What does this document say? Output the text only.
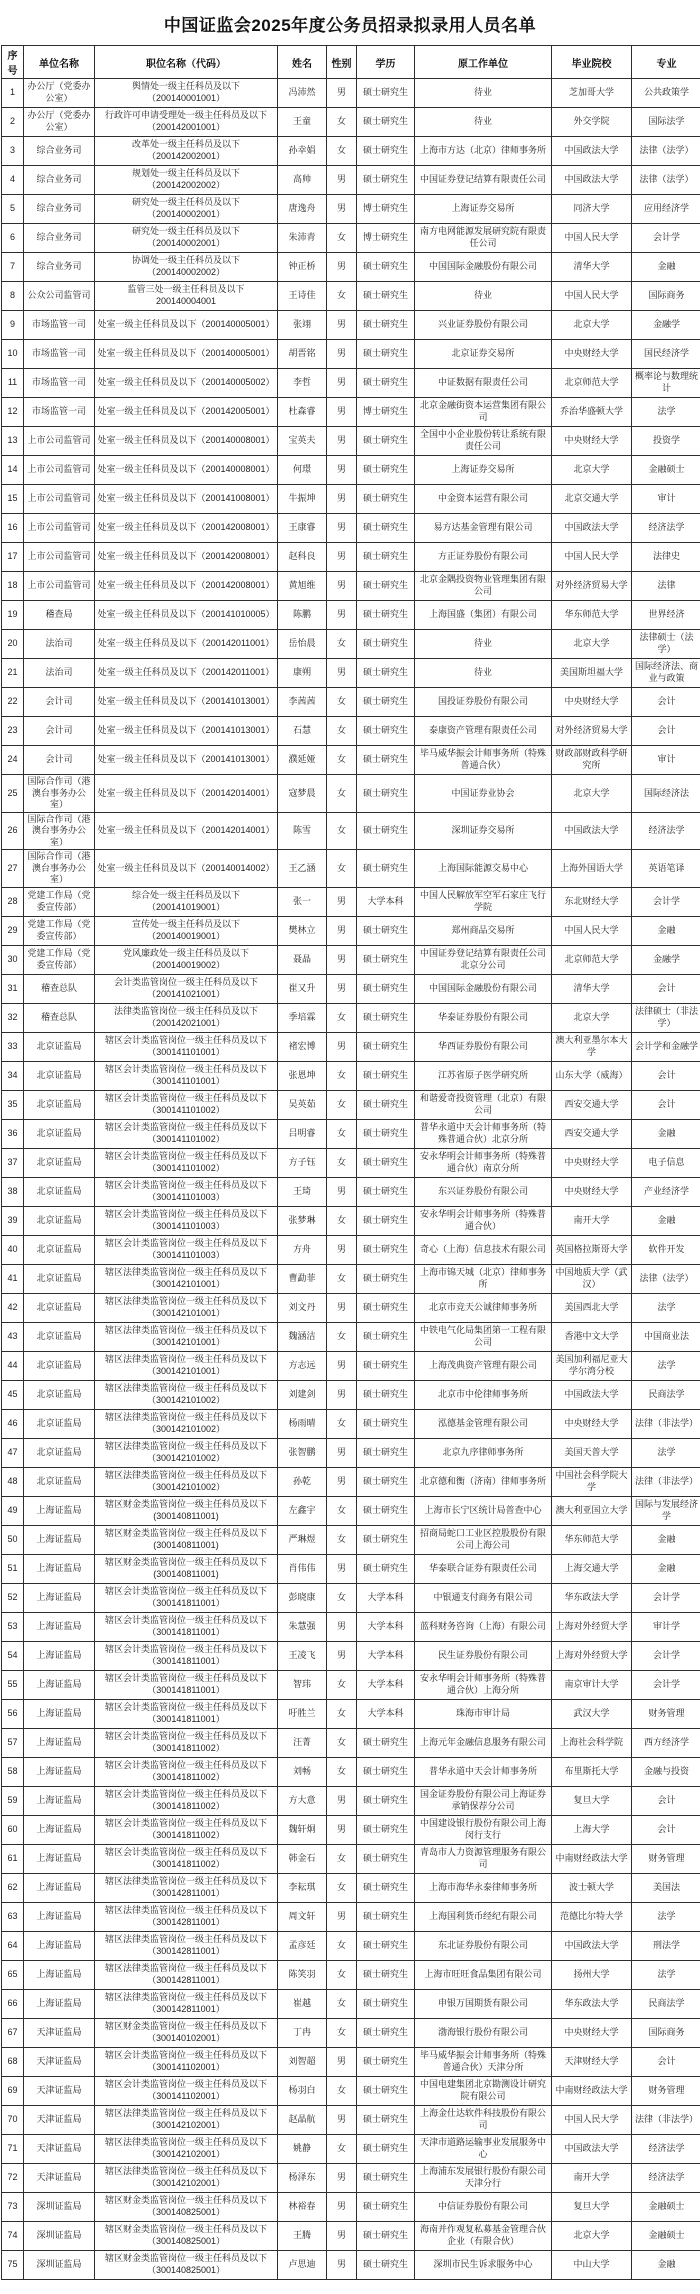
中国证监会2025年度公务员招录拟录用人员名单
序号	单位名称	职位名称（代码）	姓名	性别	学历	原工作单位	毕业院校	专业
1	办公厅（党委办公室）	舆情处一级主任科员及以下（200140001001）	冯沛然	男	硕士研究生	待业	芝加哥大学	公共政策学
2	办公厅（党委办公室）	行政许可申请受理处一级主任科员及以下（200142001001）	王童	女	硕士研究生	待业	外交学院	国际法学
3	综合业务司	改革处一级主任科员及以下（200142002001）	孙幸娟	女	硕士研究生	上海市方达（北京）律师事务所	中国政法大学	法律（法学）
4	综合业务司	规划处一级主任科员及以下（200142002002）	高帅	男	硕士研究生	中国证券登记结算有限责任公司	中国政法大学	法律（法学）
5	综合业务司	研究处一级主任科员及以下（200140002001）	唐逸舟	男	博士研究生	上海证券交易所	同济大学	应用经济学
6	综合业务司	研究处一级主任科员及以下（200140002001）	朱沛青	女	博士研究生	南方电网能源发展研究院有限责任公司	中国人民大学	会计学
7	综合业务司	协调处一级主任科员及以下（200140002002）	钟正桥	男	硕士研究生	中国国际金融股份有限公司	清华大学	金融
8	公众公司监管司	监管三处一级主任科员及以下 200140004001	王诗佳	女	硕士研究生	待业	中国人民大学	国际商务
9	市场监管一司	处室一级主任科员及以下（200140005001）	张翊	男	硕士研究生	兴业证券股份有限公司	北京大学	金融学
10	市场监管一司	处室一级主任科员及以下（200140005001）	胡晋铭	男	硕士研究生	北京证券交易所	中央财经大学	国民经济学
11	市场监管一司	处室一级主任科员及以下（200140005002）	李哲	男	硕士研究生	中证数据有限责任公司	北京师范大学	概率论与数理统计
12	市场监管一司	处室一级主任科员及以下（200142005001）	杜森睿	男	博士研究生	北京金融街资本运营集团有限公司	乔治华盛顿大学	法学
13	上市公司监管司	处室一级主任科员及以下（200140008001）	宝英夫	男	硕士研究生	全国中小企业股份转让系统有限责任公司	中央财经大学	投资学
14	上市公司监管司	处室一级主任科员及以下（200140008001）	何璟	男	硕士研究生	上海证券交易所	北京大学	金融硕士
15	上市公司监管司	处室一级主任科员及以下（200141008001）	牛振坤	男	硕士研究生	中金资本运营有限公司	北京交通大学	审计
16	上市公司监管司	处室一级主任科员及以下（200142008001）	王康睿	男	硕士研究生	易方达基金管理有限公司	中国政法大学	经济法学
17	上市公司监管司	处室一级主任科员及以下（200142008001）	赵科良	男	硕士研究生	方正证券股份有限公司	中国人民大学	法律史
18	上市公司监管司	处室一级主任科员及以下（200142008001）	黄旭维	男	硕士研究生	北京金隅投资物业管理集团有限公司	对外经济贸易大学	法律
19	稽查局	处室一级主任科员及以下（200141010005）	陈鹏	男	硕士研究生	上海国盛（集团）有限公司	华东师范大学	世界经济
20	法治司	处室一级主任科员及以下（200142011001）	岳怡晨	女	硕士研究生	待业	北京大学	法律硕士（法学）
21	法治司	处室一级主任科员及以下（200142011001）	康朔	男	硕士研究生	待业	美国斯坦福大学	国际经济法、商业与政策
22	会计司	处室一级主任科员及以下（200141013001）	李茜茜	女	硕士研究生	国投证券股份有限公司	中央财经大学	会计
23	会计司	处室一级主任科员及以下（200141013001）	石慧	女	硕士研究生	泰康资产管理有限责任公司	对外经济贸易大学	会计
24	会计司	处室一级主任科员及以下（200141013001）	濮延娅	女	硕士研究生	毕马威华振会计师事务所（特殊普通合伙）	财政部财政科学研究所	审计
25	国际合作司（港澳台事务办公室）	处室一级主任科员及以下（200142014001）	寇梦晨	女	硕士研究生	中国证券业协会	北京大学	国际经济法
26	国际合作司（港澳台事务办公室）	处室一级主任科员及以下（200142014001）	陈雪	女	硕士研究生	深圳证券交易所	中国政法大学	经济法学
27	国际合作司（港澳台事务办公室）	处室一级主任科员及以下（200140014002）	王乙涵	女	硕士研究生	上海国际能源交易中心	上海外国语大学	英语笔译
28	党建工作局（党委宣传部）	综合处一级主任科员及以下（200141019001）	张一	男	大学本科	中国人民解放军空军石家庄飞行学院	东北财经大学	会计学
29	党建工作局（党委宣传部）	宣传处一级主任科员及以下（200140019001）	樊林立	男	硕士研究生	郑州商品交易所	中国人民大学	金融
30	党建工作局（党委宣传部）	党风廉政处一级主任科员及以下（200140019002）	聂晶	男	硕士研究生	中国证券登记结算有限责任公司北京分公司	北京师范大学	金融学
31	稽查总队	会计类监管岗位一级主任科员及以下（200141021001）	崔又升	男	硕士研究生	中国国际金融股份有限公司	清华大学	会计
32	稽查总队	法律类监管岗位一级主任科员及以下（200142021001）	季培霖	女	硕士研究生	华泰证券股份有限公司	北京大学	法律硕士（非法学）
33	北京证监局	辖区会计类监管岗位一级主任科员及以下（300141101001）	褚宏博	男	硕士研究生	华西证券股份有限公司	澳大利亚墨尔本大学	会计学和金融学
34	北京证监局	辖区会计类监管岗位一级主任科员及以下（300141101001）	张恩坤	女	硕士研究生	江苏省原子医学研究所	山东大学（威海）	会计
35	北京证监局	辖区会计类监管岗位一级主任科员及以下（300141101002）	吴英茹	女	硕士研究生	和谐爱奇投资管理（北京）有限公司	西安交通大学	会计
36	北京证监局	辖区会计类监管岗位一级主任科员及以下（300141101002）	吕明睿	女	硕士研究生	普华永道中天会计师事务所（特殊普通合伙）北京分所	西安交通大学	金融
37	北京证监局	辖区会计类监管岗位一级主任科员及以下（300141101002）	方子钰	女	硕士研究生	安永华明会计师事务所（特殊普通合伙）南京分所	中央财经大学	电子信息
38	北京证监局	辖区会计类监管岗位一级主任科员及以下（300141101003）	王琦	男	硕士研究生	东兴证券股份有限公司	中央财经大学	产业经济学
39	北京证监局	辖区会计类监管岗位一级主任科员及以下（300141101003）	张梦琳	女	硕士研究生	安永华明会计师事务所（特殊普通合伙）	南开大学	金融
40	北京证监局	辖区会计类监管岗位一级主任科员及以下（300141101003）	方舟	男	硕士研究生	奇心（上海）信息技术有限公司	英国格拉斯哥大学	软件开发
41	北京证监局	辖区法律类监管岗位一级主任科员及以下（300142101001）	曹勐菲	女	硕士研究生	上海市锦天城（北京）律师事务所	中国地质大学（武汉）	法律（法学）
42	北京证监局	辖区法律类监管岗位一级主任科员及以下（300142101001）	刘文丹	男	硕士研究生	北京市竞天公诚律师事务所	美国西北大学	法学
43	北京证监局	辖区法律类监管岗位一级主任科员及以下（300142101001）	魏涵洁	女	硕士研究生	中铁电气化局集团第一工程有限公司	香港中文大学	中国商业法
44	北京证监局	辖区法律类监管岗位一级主任科员及以下（300142101001）	方志远	男	硕士研究生	上海茂典资产管理有限公司	美国加利福尼亚大学尔湾分校	法学
45	北京证监局	辖区法律类监管岗位一级主任科员及以下（300142101002）	刘建剑	男	硕士研究生	北京市中伦律师事务所	中国政法大学	民商法学
46	北京证监局	辖区法律类监管岗位一级主任科员及以下（300142101002）	杨雨晴	女	硕士研究生	泓德基金管理有限公司	中央财经大学	法律（非法学）
47	北京证监局	辖区法律类监管岗位一级主任科员及以下（300142101002）	张智鹏	男	硕士研究生	北京九序律师事务所	美国天普大学	法学
48	北京证监局	辖区法律类监管岗位一级主任科员及以下（300142101002）	孙乾	男	硕士研究生	北京德和衡（济南）律师事务所	中国社会科学院大学	法律（非法学）
49	上海证监局	辖区财金类监管岗位一级主任科员及以下(300140811001)	左鑫宇	女	硕士研究生	上海市长宁区统计局普查中心	澳大利亚国立大学	国际与发展经济学
50	上海证监局	辖区财金类监管岗位一级主任科员及以下(300140811001)	严琳煜	女	硕士研究生	招商局蛇口工业区控股股份有限公司上海公司	华东师范大学	金融
51	上海证监局	辖区财金类监管岗位一级主任科员及以下(300140811001)	肖伟伟	男	硕士研究生	华泰联合证券有限责任公司	上海交通大学	金融
52	上海证监局	辖区会计类监管岗位一级主任科员及以下（300141811001）	彭晓康	女	大学本科	中银通支付商务有限公司	华东政法大学	会计学
53	上海证监局	辖区会计类监管岗位一级主任科员及以下（300141811001）	朱慧强	男	大学本科	蓝科财务咨询（上海）有限公司	上海对外经贸大学	审计学
54	上海证监局	辖区会计类监管岗位一级主任科员及以下（300141811001）	王凌飞	男	大学本科	民生证券股份有限公司	上海对外经贸大学	会计学
55	上海证监局	辖区会计类监管岗位一级主任科员及以下（300141811001）	智玮	女	大学本科	安永华明会计师事务所（特殊普通合伙）上海分所	南京审计大学	会计学
56	上海证监局	辖区会计类监管岗位一级主任科员及以下（300141811001）	吁胜兰	女	大学本科	珠海市审计局	武汉大学	财务管理
57	上海证监局	辖区会计类监管岗位一级主任科员及以下（300141811002）	汪菁	女	硕士研究生	上海元年金融信息服务有限公司	上海社会科学院	西方经济学
58	上海证监局	辖区会计类监管岗位一级主任科员及以下（300141811002）	刘畅	女	硕士研究生	普华永道中天会计师事务所	布里斯托大学	金融与投资
59	上海证监局	辖区会计类监管岗位一级主任科员及以下（300141811002）	方大意	男	硕士研究生	国金证券股份有限公司上海证券承销保荐分公司	复旦大学	会计
60	上海证监局	辖区会计类监管岗位一级主任科员及以下（300141811002）	魏轩炯	男	硕士研究生	中国建设银行股份有限公司上海闵行支行	上海大学	会计
61	上海证监局	辖区会计类监管岗位一级主任科员及以下（300141811002）	韩金石	女	硕士研究生	青岛市人力资源管理服务有限公司	中南财经政法大学	财务管理
62	上海证监局	辖区法律类监管岗位一级主任科员及以下（300142811001）	李耘琪	女	硕士研究生	上海市海华永泰律师事务所	波士顿大学	美国法
63	上海证监局	辖区法律类监管岗位一级主任科员及以下（300142811001）	周文轩	男	硕士研究生	上海国利货币经纪有限公司	范德比尔特大学	法学
64	上海证监局	辖区法律类监管岗位一级主任科员及以下（300142811001）	孟彦廷	女	硕士研究生	东北证券股份有限公司	中国政法大学	刑法学
65	上海证监局	辖区法律类监管岗位一级主任科员及以下（300142811001）	陈笑羽	女	硕士研究生	上海市旺旺食品集团有限公司	扬州大学	法学
66	上海证监局	辖区法律类监管岗位一级主任科员及以下（300142811001）	崔越	女	硕士研究生	申银万国期货有限公司	华东政法大学	民商法学
67	天津证监局	辖区财金类监管岗位一级主任科员及以下（300140102001）	丁冉	女	硕士研究生	渤海银行股份有限公司	中央财经大学	国际商务
68	天津证监局	辖区会计类监管岗位一级主任科员及以下（300141102001）	刘智超	男	硕士研究生	毕马威华振会计师事务所（特殊普通合伙）天津分所	天津财经大学	会计
69	天津证监局	辖区会计类监管岗位一级主任科员及以下（300141102001）	杨羽白	女	硕士研究生	中国电建集团北京勘测设计研究院有限公司	中南财经政法大学	财务管理
70	天津证监局	辖区法律类监管岗位一级主任科员及以下（300142102001）	赵晶航	男	硕士研究生	上海金仕达软件科技股份有限公司	中国人民大学	法律（非法学）
71	天津证监局	辖区法律类监管岗位一级主任科员及以下（300142102001）	姚静	女	硕士研究生	天津市道路运输事业发展服务中心	中国政法大学	经济法学
72	天津证监局	辖区法律类监管岗位一级主任科员及以下（300142102001）	杨泽东	男	硕士研究生	上海浦东发展银行股份有限公司天津分行	南开大学	经济法学
73	深圳证监局	辖区财金类监管岗位一级主任科员及以下（300140825001）	林裕春	男	硕士研究生	中信证券股份有限公司	复旦大学	金融硕士
74	深圳证监局	辖区财金类监管岗位一级主任科员及以下（300140825001）	王腾	男	硕士研究生	海南并作观复私募基金管理合伙企业（有限合伙）	北京大学	金融硕士
75	深圳证监局	辖区财金类监管岗位一级主任科员及以下（300140825001）	卢思迪	男	硕士研究生	深圳市民生诉求服务中心	中山大学	金融
